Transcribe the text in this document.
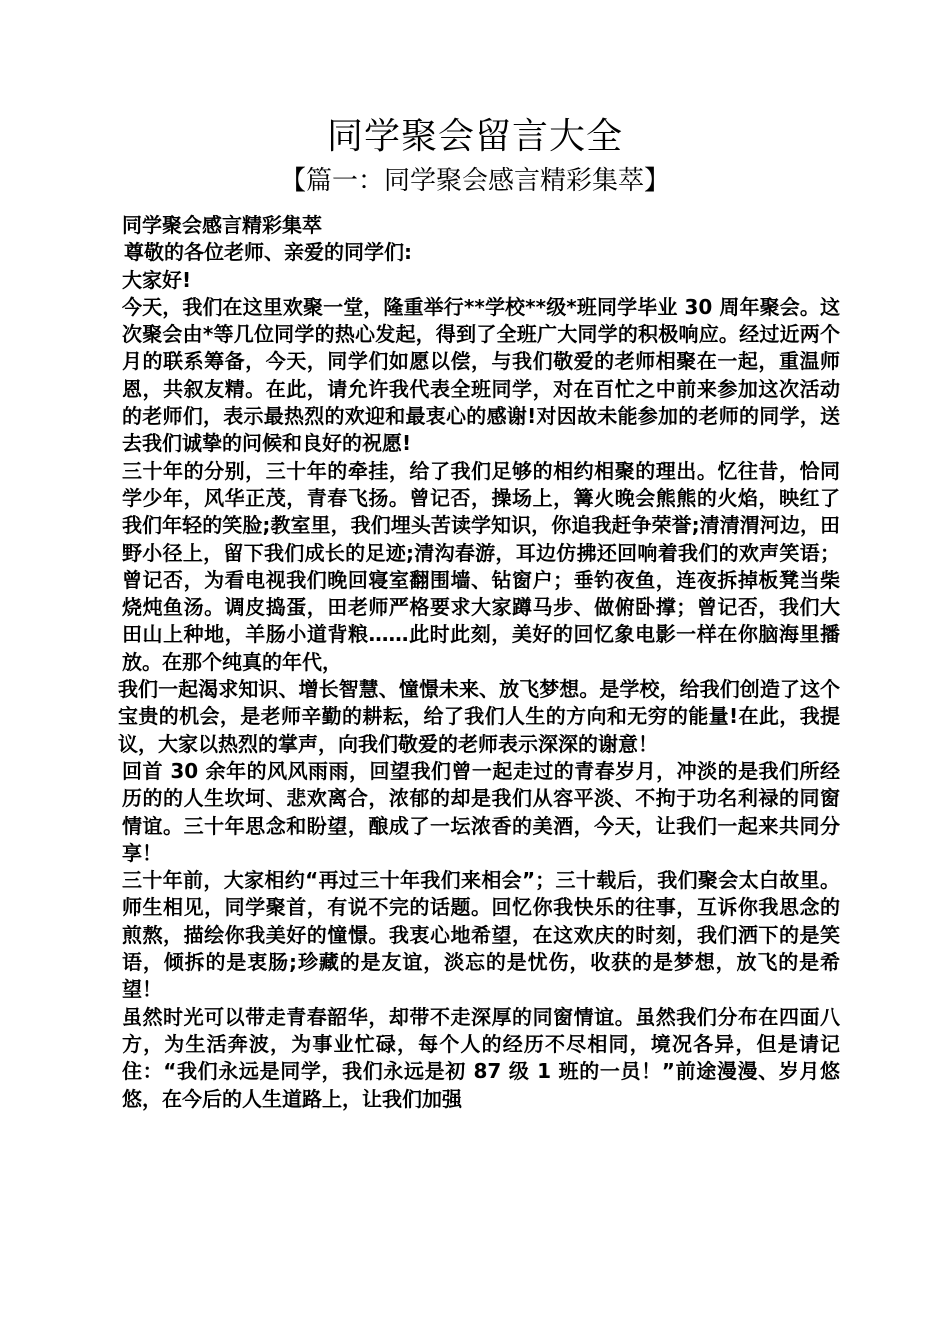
同学聚会留言大全
【篇一：同学聚会感言精彩集萃】

同学聚会感言精彩集萃

尊敬的各位老师、亲爱的同学们:

大家好!

今天，我们在这里欢聚一堂，隆重举行**学校**级*班同学毕业 30 周年聚会。这次聚会由*等几位同学的热心发起，得到了全班广大同学的积极响应。经过近两个月的联系筹备，今天，同学们如愿以偿，与我们敬爱的老师相聚在一起，重温师恩，共叙友精。在此，请允许我代表全班同学，对在百忙之中前来参加这次活动的老师们，表示最热烈的欢迎和最衷心的感谢!对因故未能参加的老师的同学，送去我们诚挚的问候和良好的祝愿!

三十年的分别，三十年的牵挂，给了我们足够的相约相聚的理出。忆往昔，恰同学少年，风华正茂，青春飞扬。曾记否，操场上，篝火晚会熊熊的火焰，映红了我们年轻的笑脸;教室里，我们埋头苦读学知识，你追我赶争荣誉;清清渭河边，田野小径上，留下我们成长的足迹;清沟春游，耳边仿拂还回响着我们的欢声笑语；曾记否，为看电视我们晚回寝室翻围墙、钻窗户；垂钓夜鱼，连夜拆掉板凳当柴烧炖鱼汤。调皮捣蛋，田老师严格要求大家蹲马步、做俯卧撑；曾记否，我们大田山上种地，羊肠小道背粮……此时此刻，美好的回忆象电影一样在你脑海里播放。在那个纯真的年代，

我们一起渴求知识、增长智慧、憧憬未来、放飞梦想。是学校，给我们创造了这个宝贵的机会，是老师辛勤的耕耘，给了我们人生的方向和无穷的能量!在此，我提议，大家以热烈的掌声，向我们敬爱的老师表示深深的谢意！

回首 30 余年的风风雨雨，回望我们曾一起走过的青春岁月，冲淡的是我们所经历的的人生坎坷、悲欢离合，浓郁的却是我们从容平淡、不拘于功名利禄的同窗情谊。三十年思念和盼望，酿成了一坛浓香的美酒，今天，让我们一起来共同分享！

三十年前，大家相约“再过三十年我们来相会”；三十载后，我们聚会太白故里。师生相见，同学聚首，有说不完的话题。回忆你我快乐的往事，互诉你我思念的煎熬，描绘你我美好的憧憬。我衷心地希望，在这欢庆的时刻，我们洒下的是笑语，倾拆的是衷肠;珍藏的是友谊，淡忘的是忧伤，收获的是梦想，放飞的是希望！

虽然时光可以带走青春韶华，却带不走深厚的同窗情谊。虽然我们分布在四面八方，为生活奔波，为事业忙碌，每个人的经历不尽相同，境况各异，但是请记住：“我们永远是同学，我们永远是初 87 级 1 班的一员！”前途漫漫、岁月悠悠，在今后的人生道路上，让我们加强
